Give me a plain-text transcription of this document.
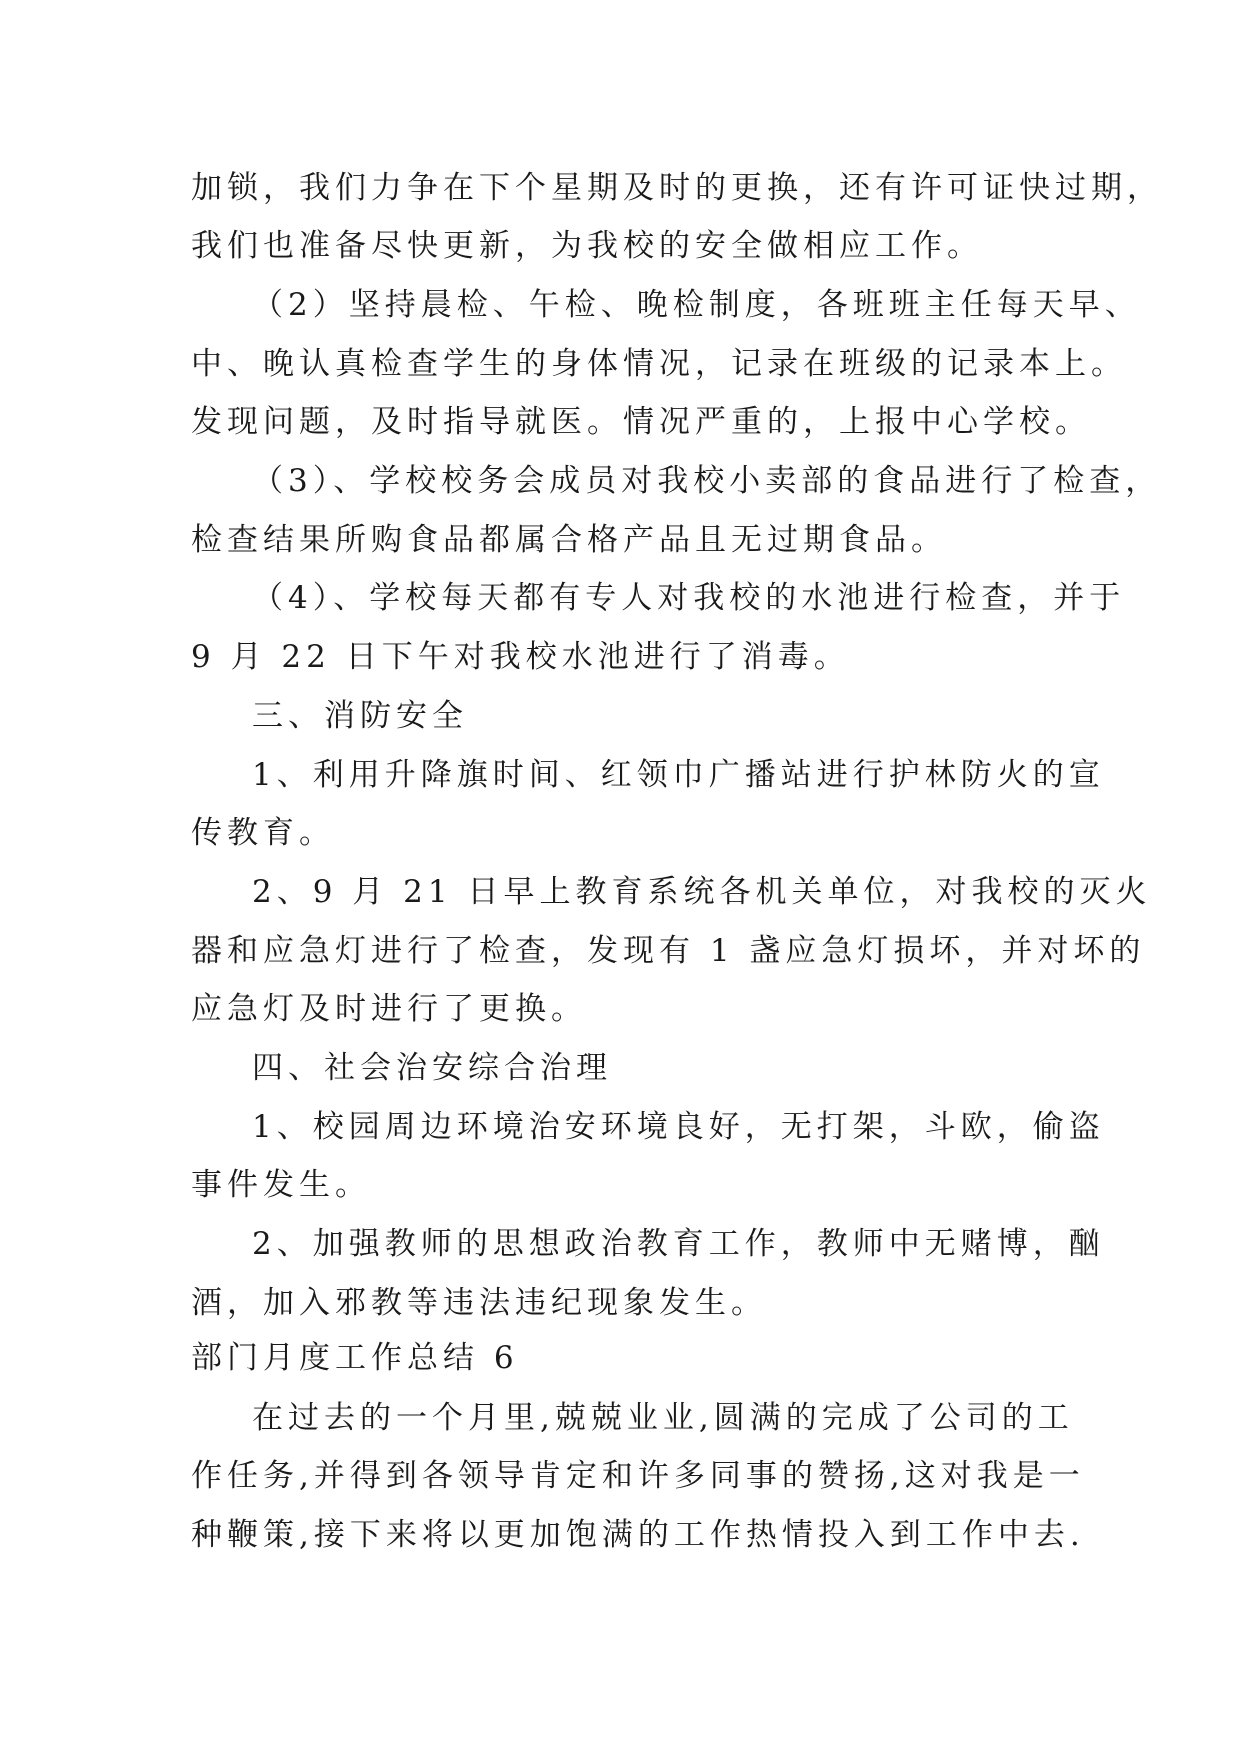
加锁，我们力争在下个星期及时的更换，还有许可证快过期，

我们也准备尽快更新，为我校的安全做相应工作。

（2）坚持晨检、午检、晚检制度，各班班主任每天早、

中、晚认真检查学生的身体情况，记录在班级的记录本上。

发现问题，及时指导就医。情况严重的，上报中心学校。

（3）、学校校务会成员对我校小卖部的食品进行了检查，

检查结果所购食品都属合格产品且无过期食品。

（4）、学校每天都有专人对我校的水池进行检查，并于

9 月 22 日下午对我校水池进行了消毒。

三、消防安全

1、利用升降旗时间、红领巾广播站进行护林防火的宣

传教育。

2、9 月 21 日早上教育系统各机关单位，对我校的灭火

器和应急灯进行了检查，发现有 1 盏应急灯损坏，并对坏的

应急灯及时进行了更换。

四、社会治安综合治理

1、校园周边环境治安环境良好，无打架，斗欧，偷盗

事件发生。

2、加强教师的思想政治教育工作，教师中无赌博，酗

酒，加入邪教等违法违纪现象发生。

部门月度工作总结 6

在过去的一个月里,兢兢业业,圆满的完成了公司的工

作任务,并得到各领导肯定和许多同事的赞扬,这对我是一

种鞭策,接下来将以更加饱满的工作热情投入到工作中去.
